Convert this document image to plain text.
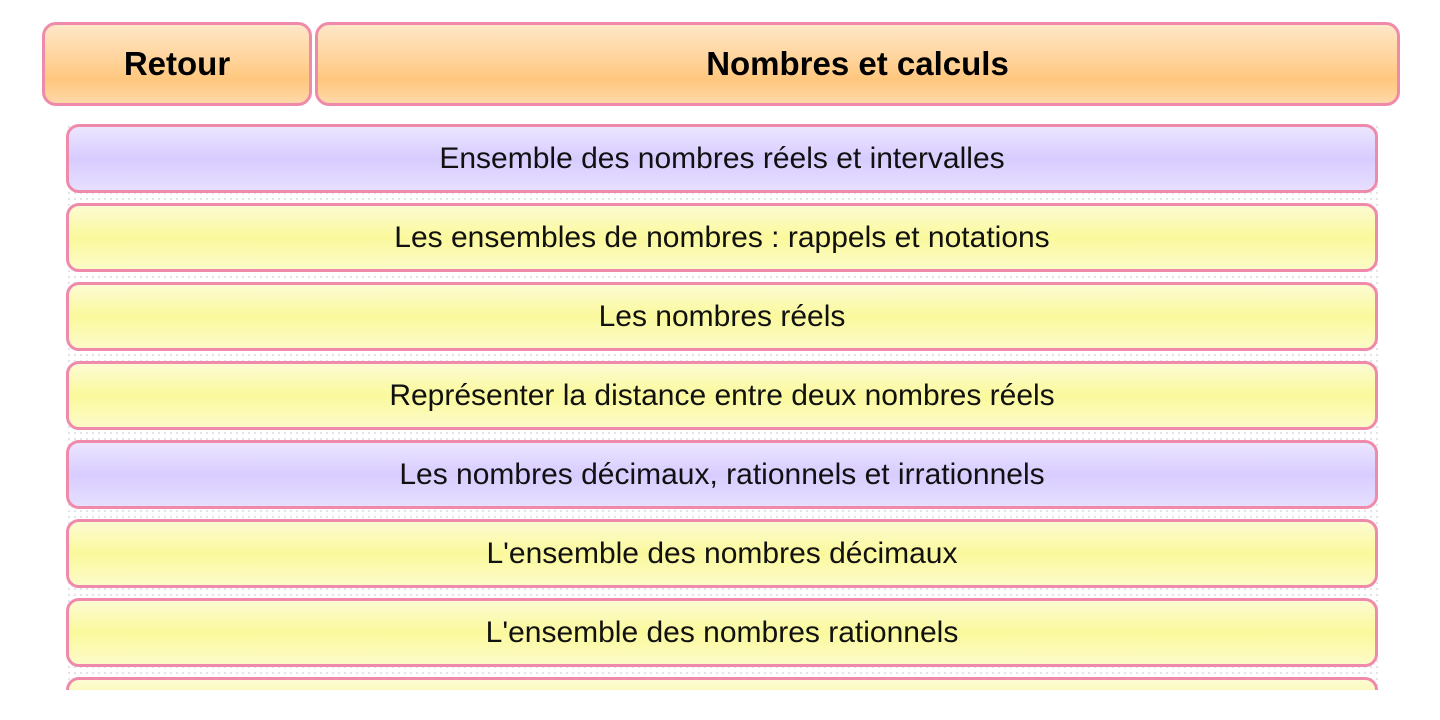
Retour	Nombres et calculs
Ensemble des nombres réels et intervalles
Les ensembles de nombres : rappels et notations
Les nombres réels
Représenter la distance entre deux nombres réels
Les nombres décimaux, rationnels et irrationnels
L'ensemble des nombres décimaux
L'ensemble des nombres rationnels
